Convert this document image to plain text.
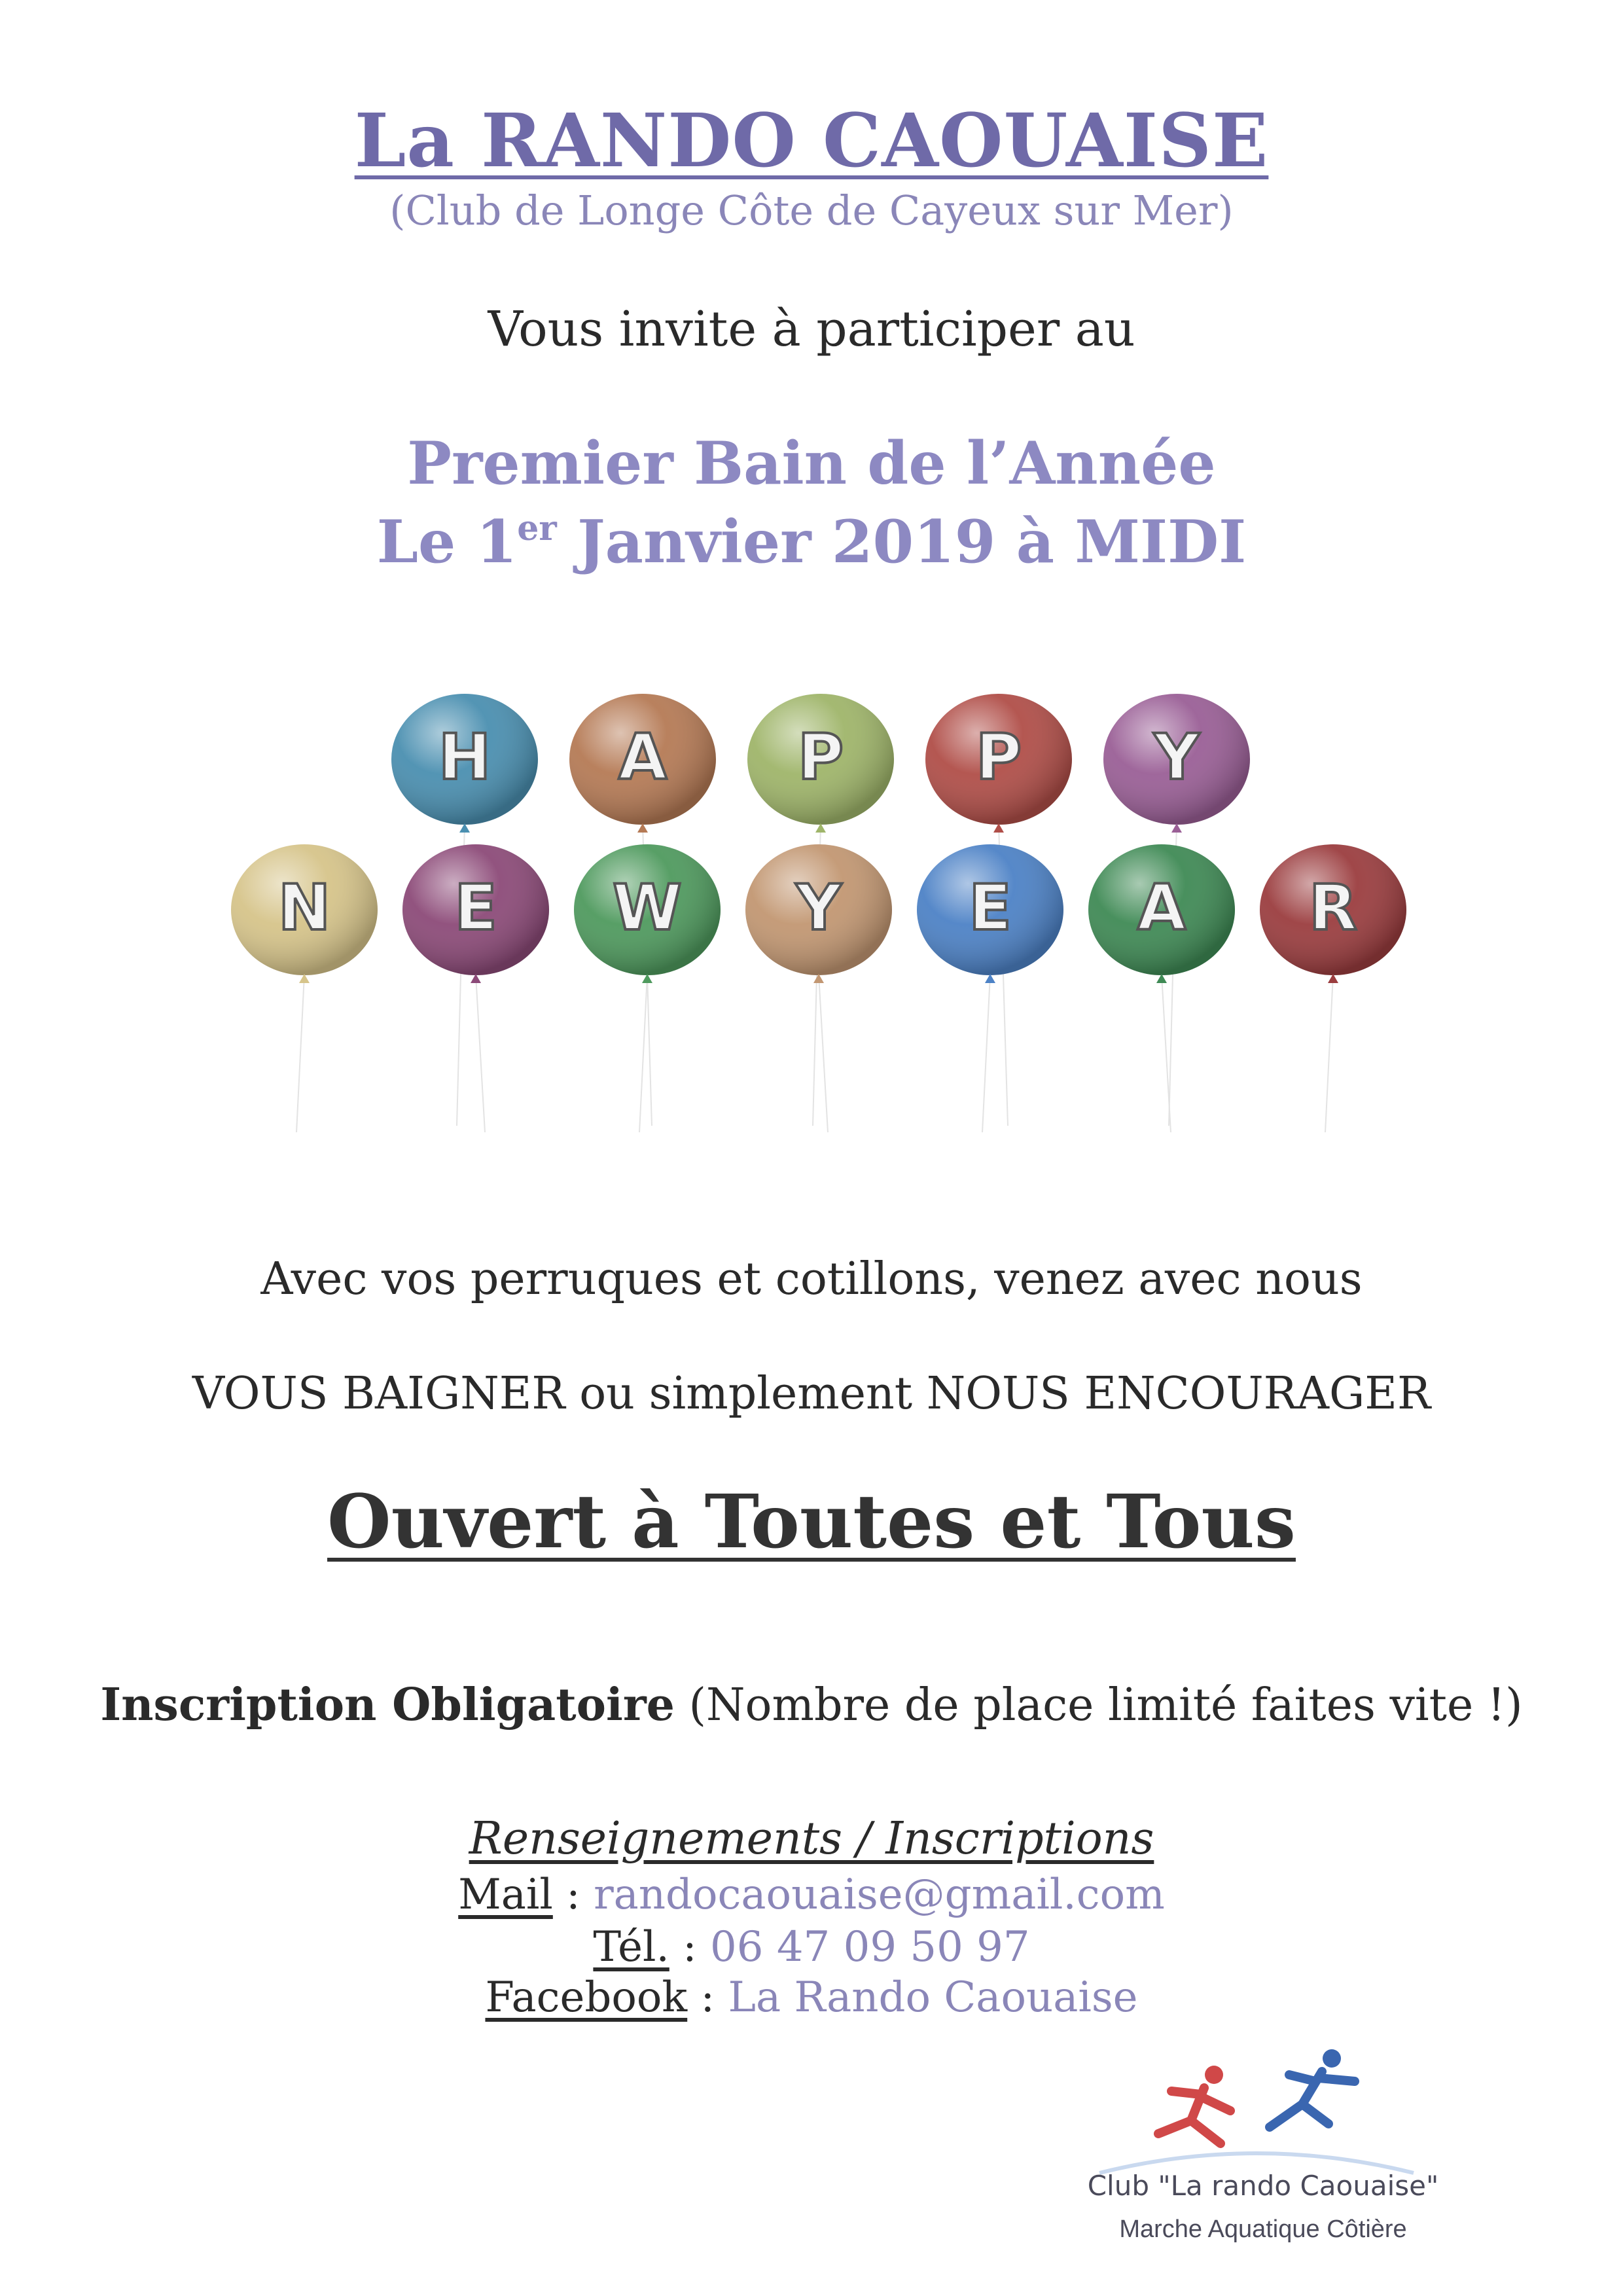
La RANDO CAOUAISE
(Club de Longe Côte de Cayeux sur Mer)
Vous invite à participer au
Premier Bain de l’Année
Le 1er Janvier 2019 à MIDI
H A P P Y
N E W Y E A R
Avec vos perruques et cotillons, venez avec nous
VOUS BAIGNER ou simplement NOUS ENCOURAGER
Ouvert à Toutes et Tous
Inscription Obligatoire (Nombre de place limité faites vite !)
Renseignements / Inscriptions
Mail : randocaouaise@gmail.com
Tél. : 06 47 09 50 97
Facebook : La Rando Caouaise
Club "La rando Caouaise"
Marche Aquatique Côtière
